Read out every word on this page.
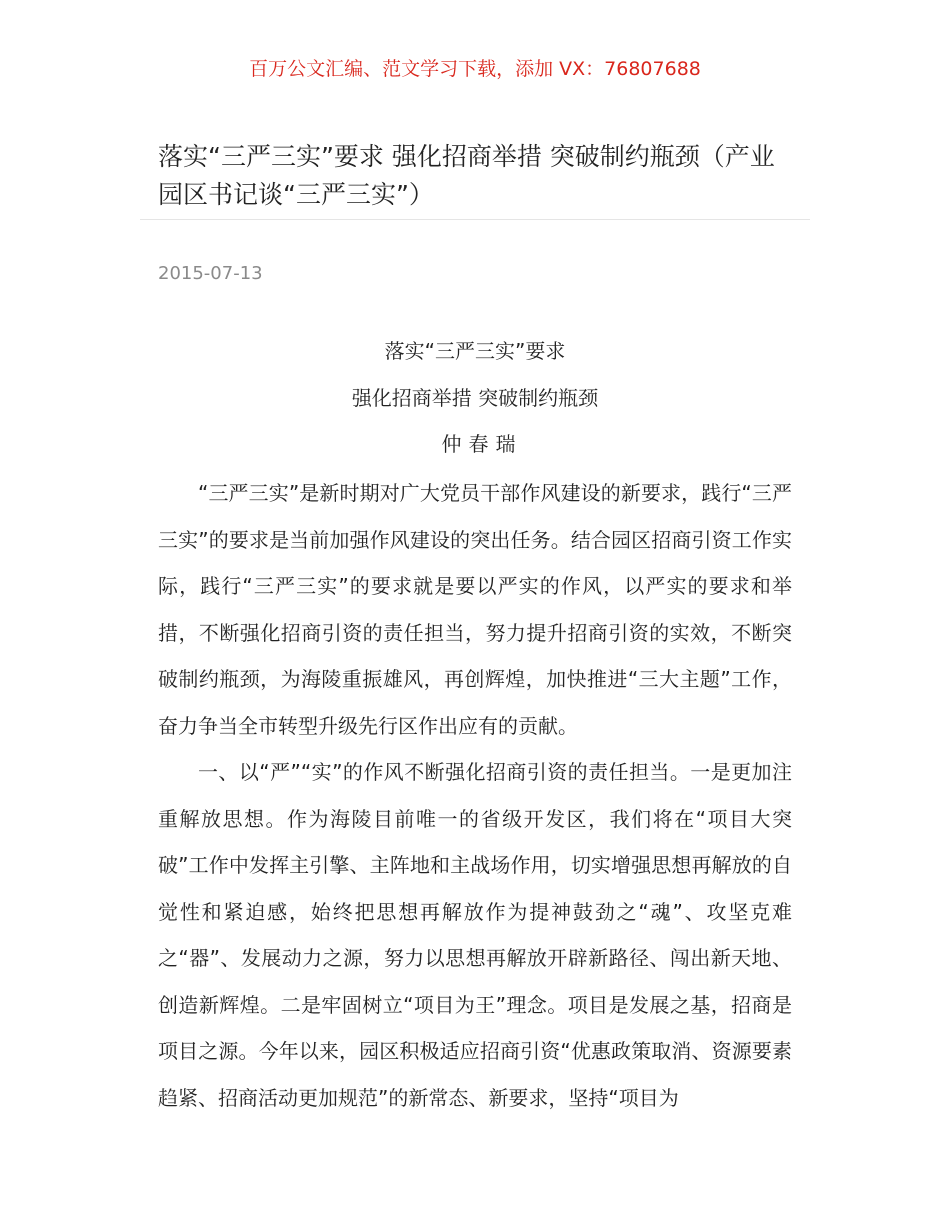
百万公文汇编、范文学习下载，添加 VX：76807688
落实“三严三实”要求 强化招商举措 突破制约瓶颈（产业园区书记谈“三严三实”）
2015-07-13
落实“三严三实”要求
强化招商举措 突破制约瓶颈
仲春瑞

“三严三实”是新时期对广大党员干部作风建设的新要求，践行“三严三实”的要求是当前加强作风建设的突出任务。结合园区招商引资工作实际，践行“三严三实”的要求就是要以严实的作风，以严实的要求和举措，不断强化招商引资的责任担当，努力提升招商引资的实效，不断突破制约瓶颈，为海陵重振雄风，再创辉煌，加快推进“三大主题”工作，奋力争当全市转型升级先行区作出应有的贡献。

一、以“严”“实”的作风不断强化招商引资的责任担当。一是更加注重解放思想。作为海陵目前唯一的省级开发区，我们将在“项目大突破”工作中发挥主引擎、主阵地和主战场作用，切实增强思想再解放的自觉性和紧迫感，始终把思想再解放作为提神鼓劲之“魂”、攻坚克难之“器”、发展动力之源，努力以思想再解放开辟新路径、闯出新天地、创造新辉煌。二是牢固树立“项目为王”理念。项目是发展之基，招商是项目之源。今年以来，园区积极适应招商引资“优惠政策取消、资源要素趋紧、招商活动更加规范”的新常态、新要求，坚持“项目为
